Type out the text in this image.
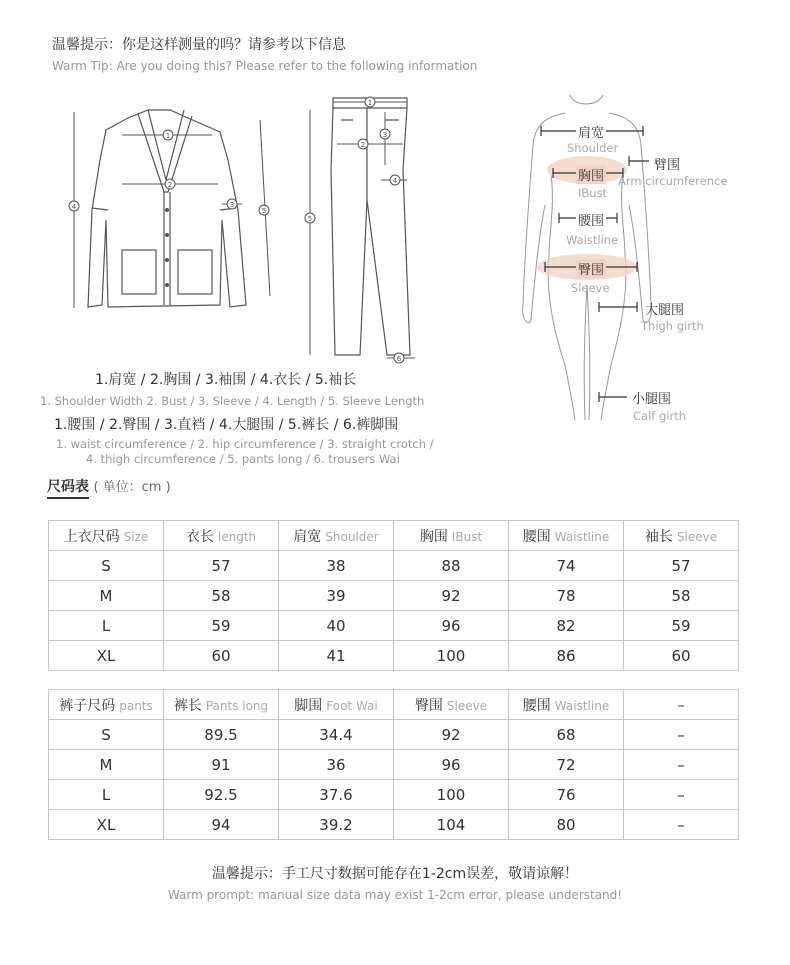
温馨提示：你是这样测量的吗？请参考以下信息
Warm Tip: Are you doing this? Please refer to the following information
1
2
3
4	5
1
2
3
4
5
6
1.肩宽 / 2.胸围 / 3.袖围 / 4.衣长 / 5.袖长
1. Shoulder Width 2. Bust / 3. Sleeve / 4. Length / 5. Sleeve Length
1.腰围 / 2.臀围 / 3.直裆 / 4.大腿围 / 5.裤长 / 6.裤脚围
1. waist circumference / 2. hip circumference / 3. straight crotch /
4. thigh circumference / 5. pants long / 6. trousers Wai
肩宽
Shoulder
臂围
Arm circumference
胸围
IBust
腰围
Waistline
臀围
Sleeve
大腿围
Thigh girth
小腿围
Calf girth
尺码表 ( 单位：cm )
上衣尺码 Size	衣长 length	肩宽 Shoulder	胸围 IBust	腰围 Waistline	袖长 Sleeve
S	57	38	88	74	57
M	58	39	92	78	58
L	59	40	96	82	59
XL	60	41	100	86	60
裤子尺码 pants	裤长 Pants long	脚围 Foot Wai	臀围 Sleeve	腰围 Waistline	–
S	89.5	34.4	92	68	–
M	91	36	96	72	–
L	92.5	37.6	100	76	–
XL	94	39.2	104	80	–
温馨提示：手工尺寸数据可能存在1-2cm误差，敬请谅解！
Warm prompt: manual size data may exist 1-2cm error, please understand!
